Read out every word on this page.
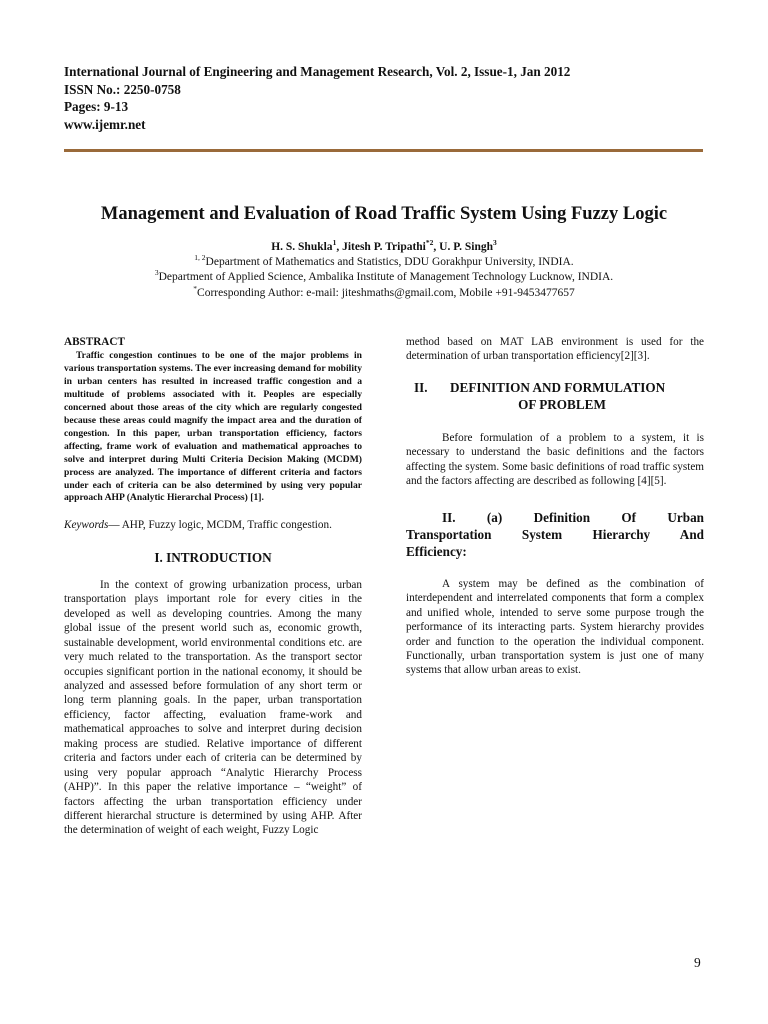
International Journal of Engineering and Management Research, Vol. 2, Issue-1, Jan 2012
ISSN No.: 2250-0758
Pages: 9-13
www.ijemr.net
Management and Evaluation of Road Traffic System Using Fuzzy Logic
H. S. Shukla$^1$, Jitesh P. Tripathi$^{*2}$, U. P. Singh$^3$
$^{1, 2}$Department of Mathematics and Statistics, DDU Gorakhpur University, INDIA.
$^3$Department of Applied Science, Ambalika Institute of Management Technology Lucknow, INDIA.
*Corresponding Author: e-mail: jiteshmaths@gmail.com, Mobile +91-9453477657
ABSTRACT

Traffic congestion continues to be one of the major problems in various transportation systems. The ever increasing demand for mobility in urban centers has resulted in increased traffic congestion and a multitude of problems associated with it. Peoples are especially concerned about those areas of the city which are regularly congested because these areas could magnify the impact area and the duration of congestion. In this paper, urban transportation efficiency, factors affecting, frame work of evaluation and mathematical approaches to solve and interpret during Multi Criteria Decision Making (MCDM) process are analyzed. The importance of different criteria and factors under each of criteria can be also determined by using very popular approach AHP (Analytic Hierarchal Process) [1].

Keywords— AHP, Fuzzy logic, MCDM, Traffic congestion.

I. INTRODUCTION

In the context of growing urbanization process, urban transportation plays important role for every cities in the developed as well as developing countries. Among the many global issue of the present world such as, economic growth, sustainable development, world environmental conditions etc. are very much related to the transportation. As the transport sector occupies significant portion in the national economy, it should be analyzed and assessed before formulation of any short term or long term planning goals. In the paper, urban transportation efficiency, factor affecting, evaluation frame-work and mathematical approaches to solve and interpret during decision making process are studied. Relative importance of different criteria and factors under each of criteria can be determined by using very popular approach “Analytic Hierarchy Process (AHP)”. In this paper the relative importance – “weight” of factors affecting the urban transportation efficiency under different hierarchal structure is determined by using AHP. After the determination of weight of each weight, Fuzzy Logic

method based on MAT LAB environment is used for the determination of urban transportation efficiency[2][3].

II. DEFINITION AND FORMULATION
OF PROBLEM

Before formulation of a problem to a system, it is necessary to understand the basic definitions and the factors affecting the system. Some basic definitions of road traffic system and the factors affecting are described as following [4][5].

II. (a) Definition Of Urban
Transportation System Hierarchy And
Efficiency:

A system may be defined as the combination of interdependent and interrelated components that form a complex and unified whole, intended to serve some purpose trough the performance of its interacting parts. System hierarchy provides order and function to the operation the individual component. Functionally, urban transportation system is just one of many systems that allow urban areas to exist.

9
